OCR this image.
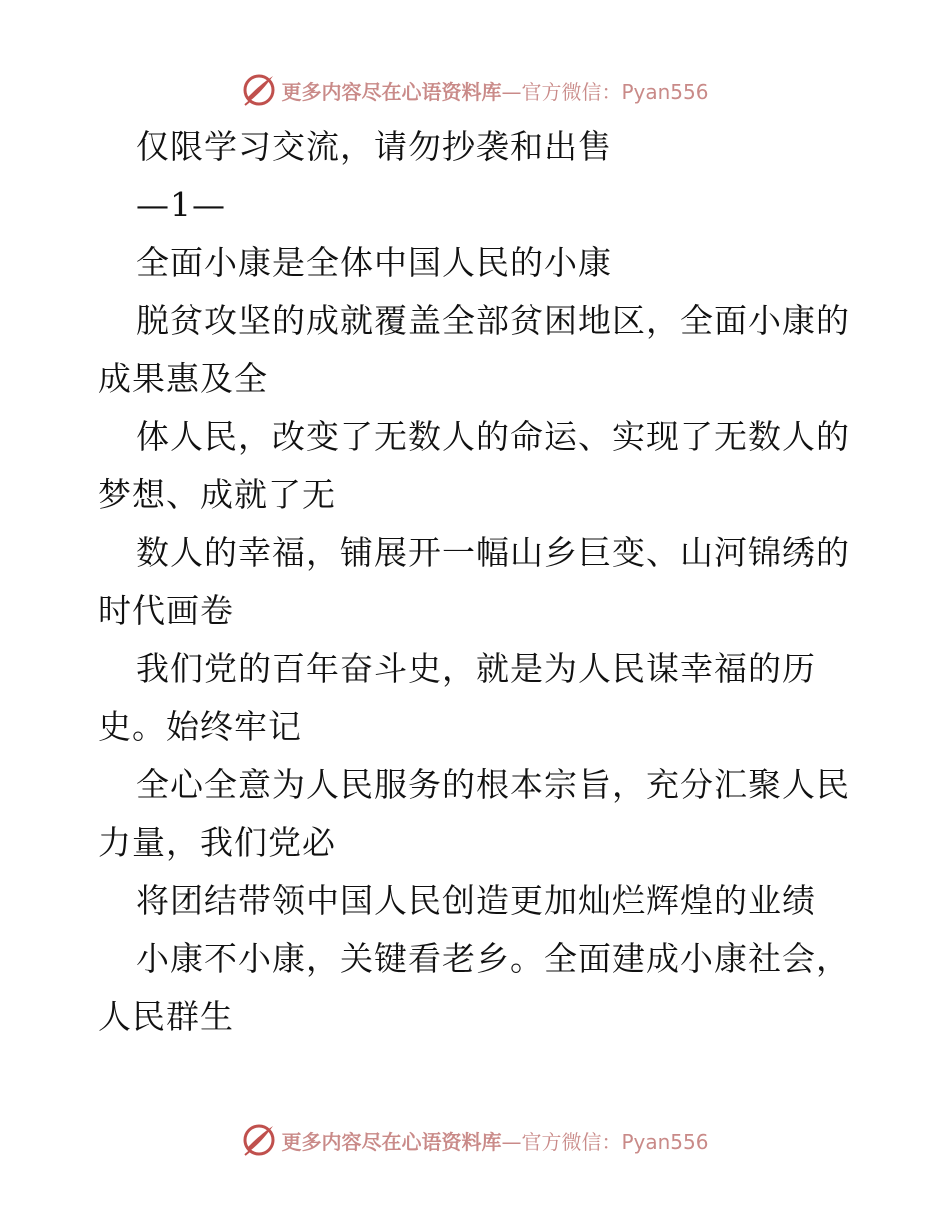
更多内容尽在心语资料库—官方微信：Pyan556
仅限学习交流，请勿抄袭和出售
—1—
全面小康是全体中国人民的小康
脱贫攻坚的成就覆盖全部贫困地区，全面小康的
成果惠及全
体人民，改变了无数人的命运、实现了无数人的
梦想、成就了无
数人的幸福，铺展开一幅山乡巨变、山河锦绣的
时代画卷
我们党的百年奋斗史，就是为人民谋幸福的历
史。始终牢记
全心全意为人民服务的根本宗旨，充分汇聚人民
力量，我们党必
将团结带领中国人民创造更加灿烂辉煌的业绩
小康不小康，关键看老乡。全面建成小康社会，
人民群生
更多内容尽在心语资料库—官方微信：Pyan556
